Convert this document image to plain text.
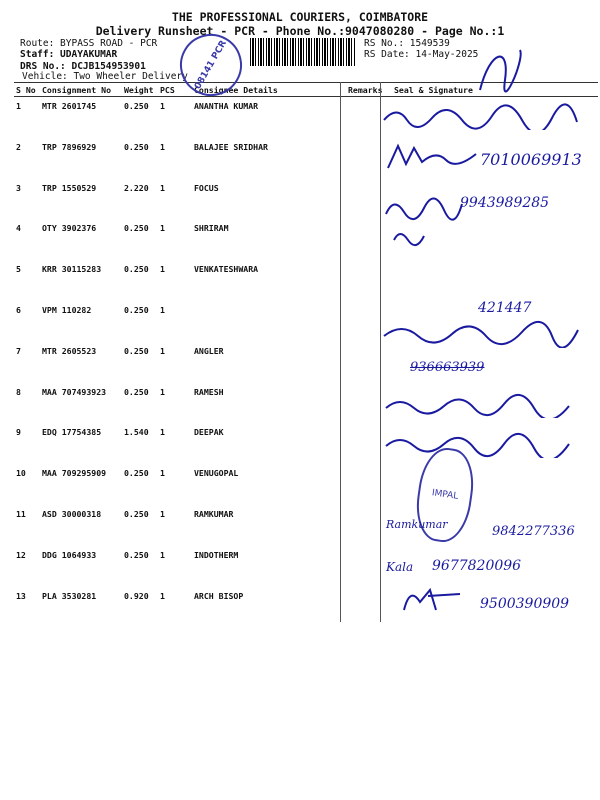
THE PROFESSIONAL COURIERS, COIMBATORE
Delivery Runsheet - PCR - Phone No.:9047080280 - Page No.:1
Route: BYPASS ROAD - PCR
Staff: UDAYAKUMAR
DRS No.: DCJB154953901
Vehicle: Two Wheeler Delivery
RS No.: 1549539
RS Date: 14-May-2025
S No	Consignment No	Weight	PCS	Consignee Details	Remarks	Seal & Signature
1	MTR 2601745	0.250	1	ANANTHA KUMAR		
2	TRP 7896929	0.250	1	BALAJEE SRIDHAR		
3	TRP 1550529	2.220	1	FOCUS		
4	OTY 3902376	0.250	1	SHRIRAM		
5	KRR 30115283	0.250	1	VENKATESHWARA		
6	VPM 110282	0.250	1			
7	MTR 2605523	0.250	1	ANGLER		
8	MAA 707493923	0.250	1	RAMESH		
9	EDQ 17754385	1.540	1	DEEPAK		
10	MAA 709295909	0.250	1	VENUGOPAL		
11	ASD 30000318	0.250	1	RAMKUMAR		
12	DDG 1064933	0.250	1	INDOTHERM		
13	PLA 3530281	0.920	1	ARCH BISOP		
08141 PCR
IMPAL
7010069913
9943989285
421447
936663939
Ramkumar	9842277336
Kala 9677820096
9500390909
